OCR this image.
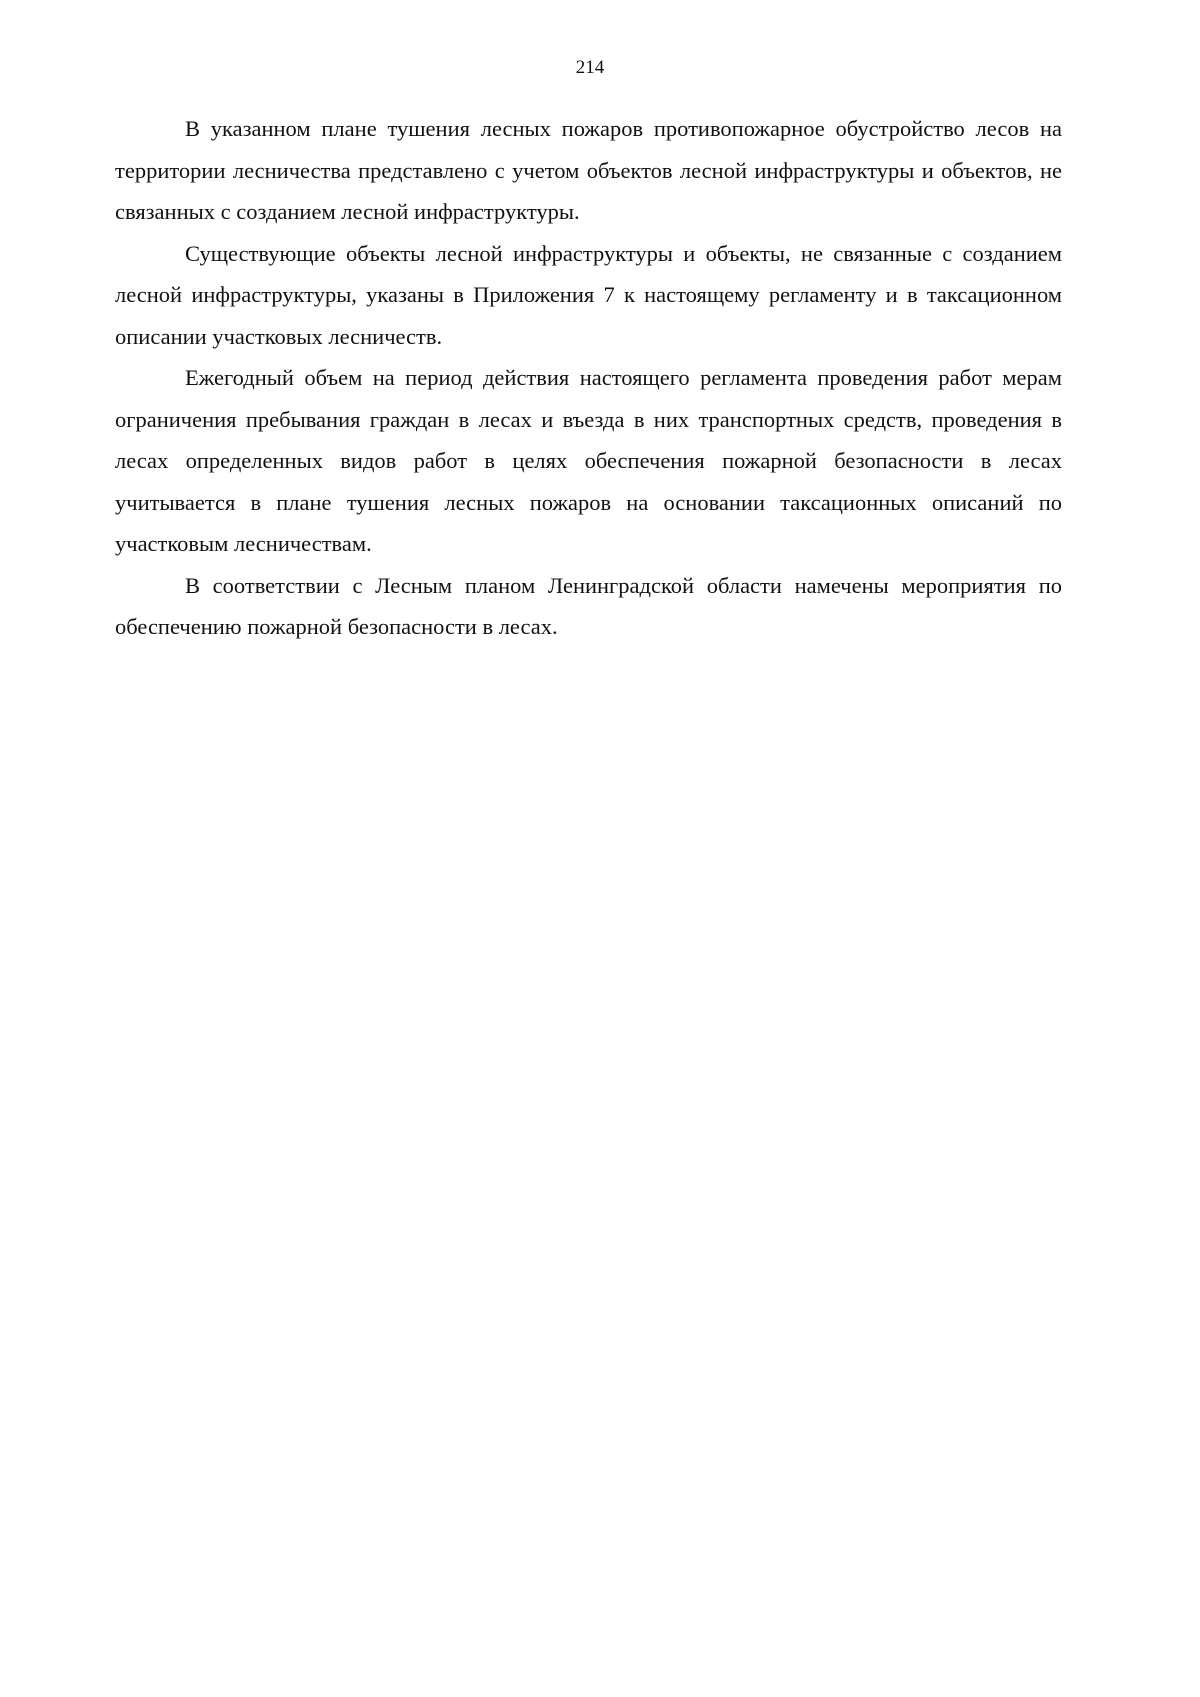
214

В указанном плане тушения лесных пожаров противопожарное обустройство лесов на территории лесничества представлено с учетом объектов лесной инфраструктуры и объектов, не связанных с созданием лесной инфраструктуры.

Существующие объекты лесной инфраструктуры и объекты, не связанные с созданием лесной инфраструктуры, указаны в Приложения 7 к настоящему регламенту и в таксационном описании участковых лесничеств.

Ежегодный объем на период действия настоящего регламента проведения работ мерам ограничения пребывания граждан в лесах и въезда в них транспортных средств, проведения в лесах определенных видов работ в целях обеспечения пожарной безопасности в лесах учитывается в плане тушения лесных пожаров на основании таксационных описаний по участковым лесничествам.

В соответствии с Лесным планом Ленинградской области намечены мероприятия по обеспечению пожарной безопасности в лесах.
